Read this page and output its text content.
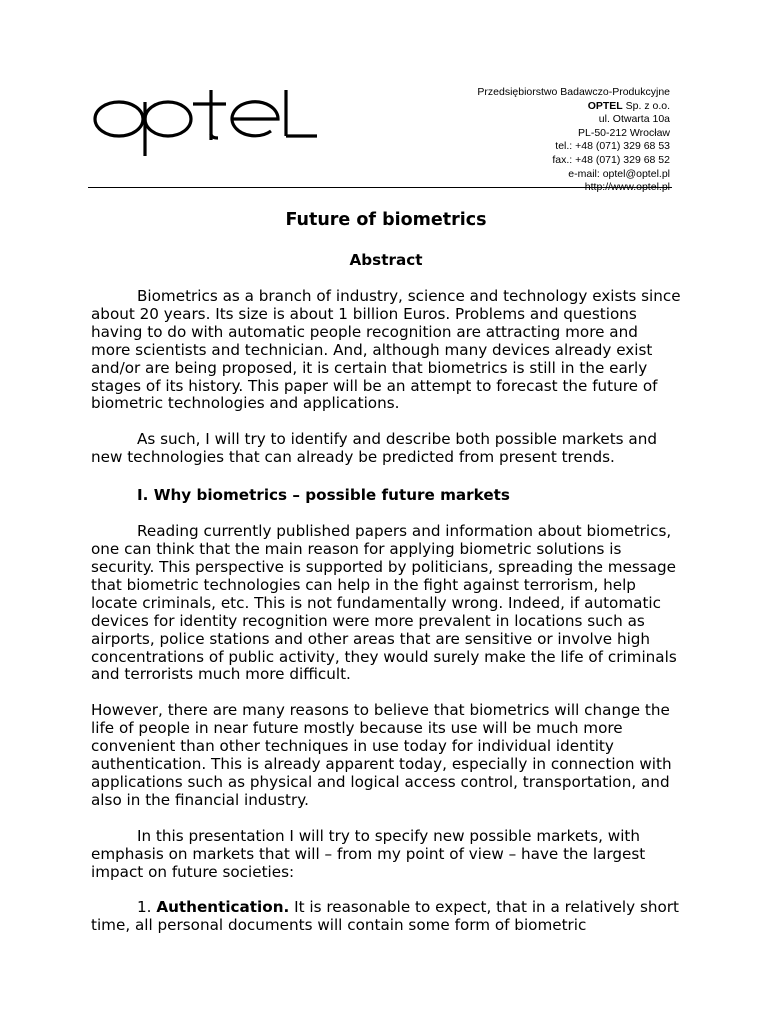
Przedsiębiorstwo Badawczo-Produkcyjne
OPTEL Sp. z o.o.
ul. Otwarta 10a
PL-50-212 Wrocław
tel.: +48 (071) 329 68 53
fax.: +48 (071) 329 68 52
e-mail: optel@optel.pl
http://www.optel.pl
Future of biometrics
Abstract

Biometrics as a branch of industry, science and technology exists since about 20 years. Its size is about 1 billion Euros. Problems and questions having to do with automatic people recognition are attracting more and more scientists and technician. And, although many devices already exist and/or are being proposed, it is certain that biometrics is still in the early stages of its history. This paper will be an attempt to forecast the future of biometric technologies and applications.

As such, I will try to identify and describe both possible markets and new technologies that can already be predicted from present trends.

I. Why biometrics – possible future markets

Reading currently published papers and information about biometrics, one can think that the main reason for applying biometric solutions is security. This perspective is supported by politicians, spreading the message that biometric technologies can help in the fight against terrorism, help locate criminals, etc. This is not fundamentally wrong. Indeed, if automatic devices for identity recognition were more prevalent in locations such as airports, police stations and other areas that are sensitive or involve high concentrations of public activity, they would surely make the life of criminals and terrorists much more difficult.

However, there are many reasons to believe that biometrics will change the life of people in near future mostly because its use will be much more convenient than other techniques in use today for individual identity authentication. This is already apparent today, especially in connection with applications such as physical and logical access control, transportation, and also in the financial industry.

In this presentation I will try to specify new possible markets, with emphasis on markets that will – from my point of view – have the largest impact on future societies:

1. Authentication. It is reasonable to expect, that in a relatively short time, all personal documents will contain some form of biometric
